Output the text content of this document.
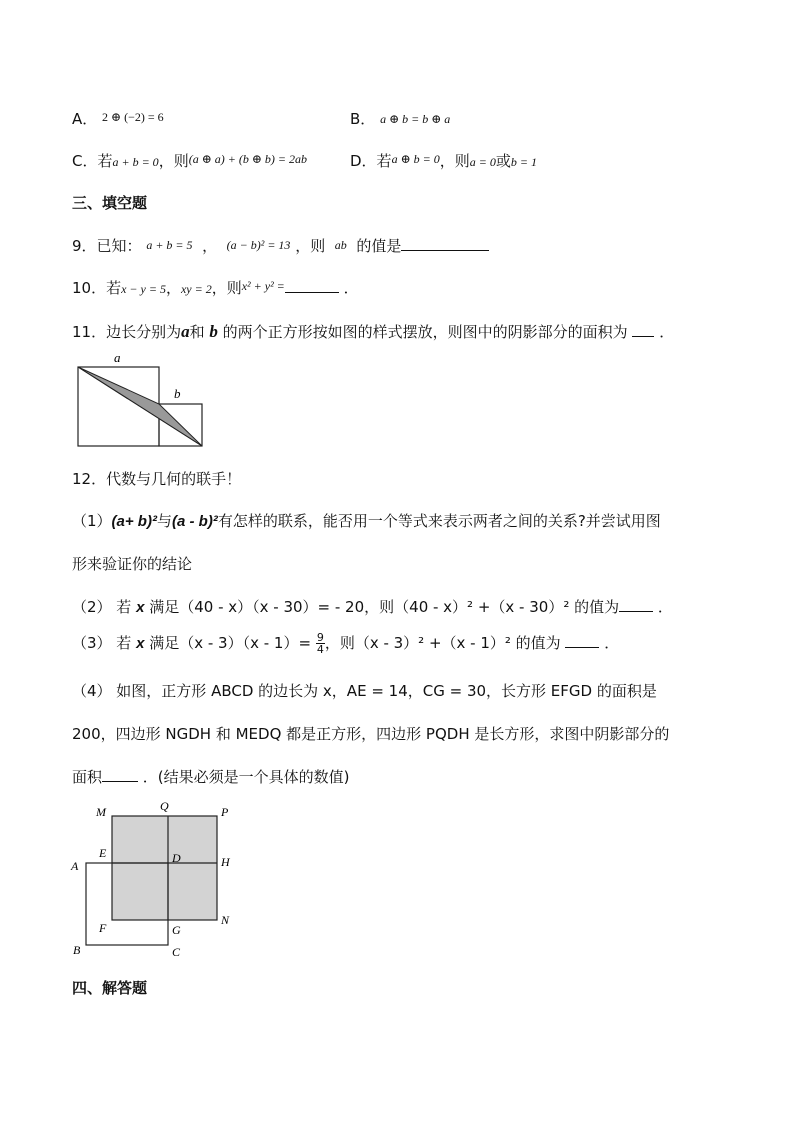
A． $^{2 \oplus (-2) = 6}$	B． a ⊕ b = b ⊕ a
C．若a + b = 0，则$^{(a \oplus a) + (b \oplus b) = 2ab}$	D．若$^{a \oplus b = 0}$，则a = 0或b = 1
三、填空题
9．已知： a + b = 5 ， (a − b)² = 13 ，则 ab 的值是
10．若x − y = 5，xy = 2，则$^{x^2 + y^2 =}$	．
11．边长分别为a和 b 的两个正方形按如图的样式摆放，则图中的阴影部分的面积为 ．
a
b
12．代数与几何的联手！
（1）(a+ b)²与(a - b)²有怎样的联系，能否用一个等式来表示两者之间的关系?并尝试用图
形来验证你的结论
（2） 若 x 满足（40 - x）（x - 30）= - 20，则（40 - x）² +（x - 30）² 的值为	．
（3） 若 x 满足$(x - 3)(x - 1)= \frac{9}{4}$ ，则（x - 3）² +（x - 1）² 的值为	．
（4） 如图，正方形 ABCD 的边长为 x，AE = 14，CG = 30，长方形 EFGD 的面积是
200，四边形 NGDH 和 MEDQ 都是正方形，四边形 PQDH 是长方形，求图中阴影部分的
面积	．(结果必须是一个具体的数值)
M	Q	P
E	D	H
A
F	G
N
B	C
四、解答题
